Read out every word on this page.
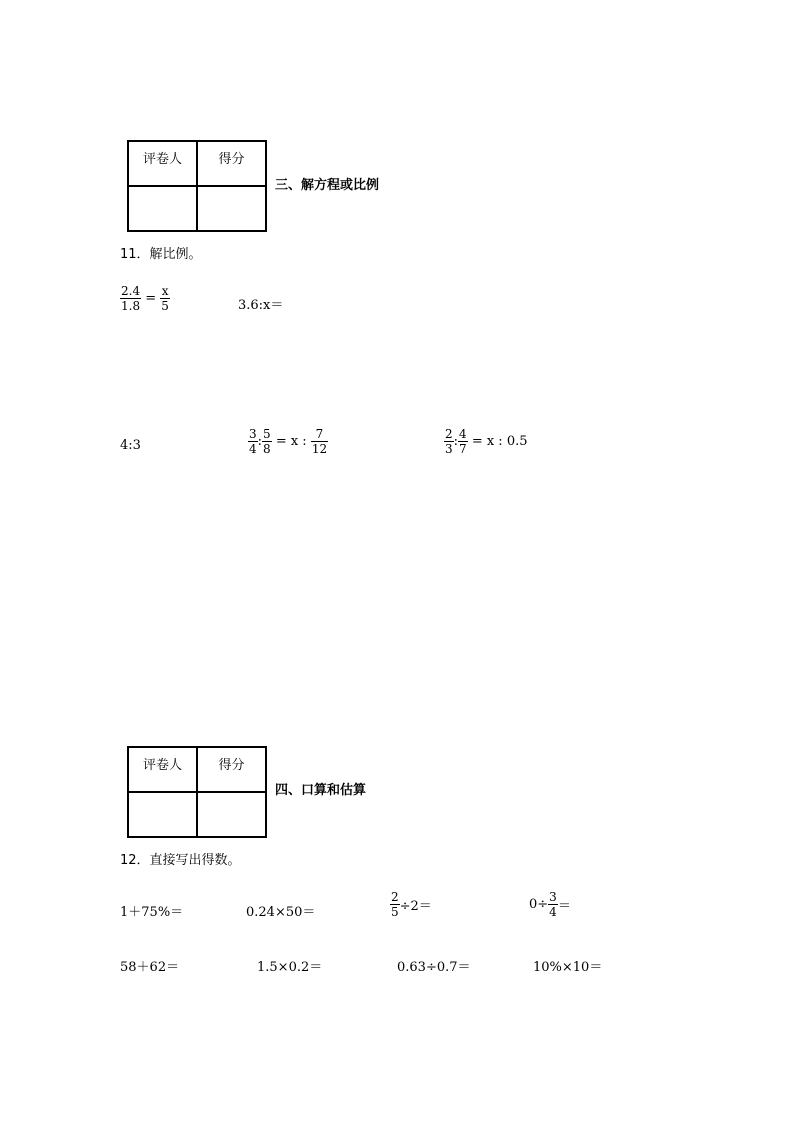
评卷人	得分

三、解方程或比例
11．解比例。
$\frac{2.4}{1.8} = \frac{x}{5}$	3.6:x＝
4:3	$\frac{3}{4}$ : $\frac{5}{8} = x$ : $\frac{7}{12}$	$\frac{2}{3}$ : $\frac{4}{7} = x$ : 0.5
评卷人	得分

四、口算和估算
12．直接写出得数。
1＋75%＝	0.24×50＝	$\frac{2}{5} \div 2=$	$0\div \frac{3}{4}$ ＝
58＋62＝	1.5×0.2＝	0.63÷0.7＝	10%×10＝
